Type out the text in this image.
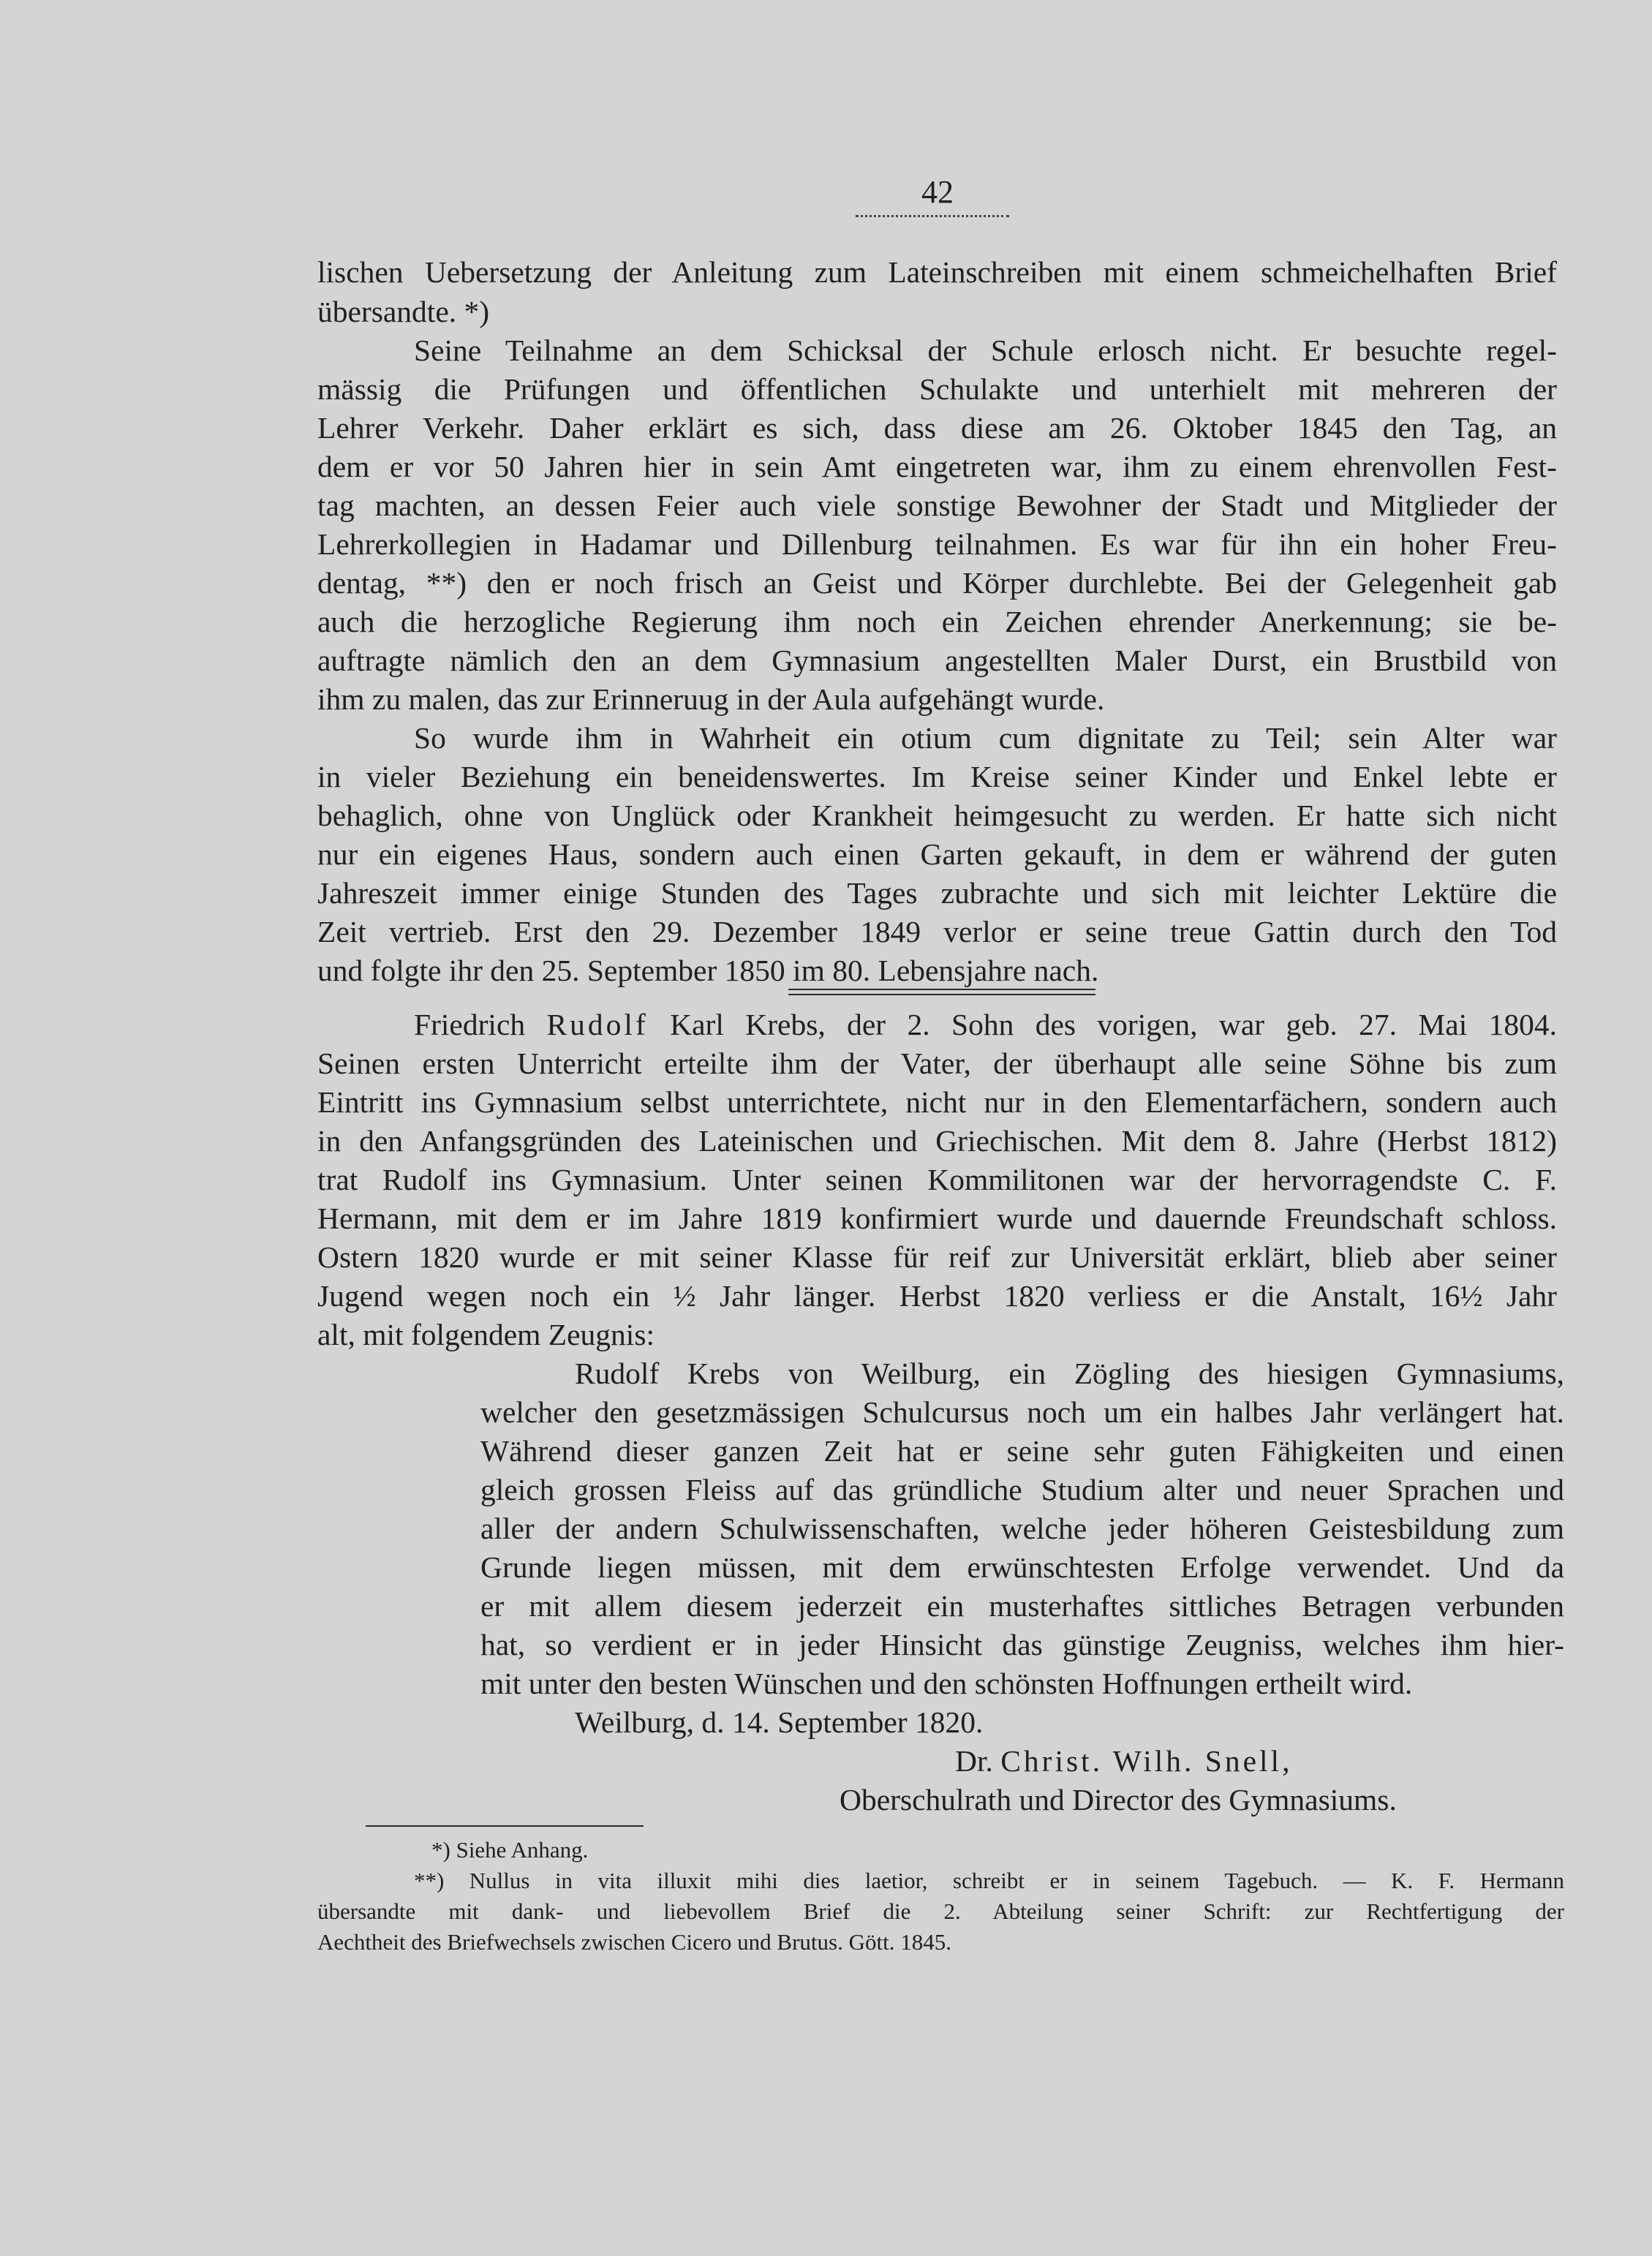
42
lischen Uebersetzung der Anleitung zum Lateinschreiben mit einem schmeichelhaften Brief
übersandte. *)
Seine Teilnahme an dem Schicksal der Schule erlosch nicht. Er besuchte regel-
mässig die Prüfungen und öffentlichen Schulakte und unterhielt mit mehreren der
Lehrer Verkehr. Daher erklärt es sich, dass diese am 26. Oktober 1845 den Tag, an
dem er vor 50 Jahren hier in sein Amt eingetreten war, ihm zu einem ehrenvollen Fest-
tag machten, an dessen Feier auch viele sonstige Bewohner der Stadt und Mitglieder der
Lehrerkollegien in Hadamar und Dillenburg teilnahmen. Es war für ihn ein hoher Freu-
dentag, **) den er noch frisch an Geist und Körper durchlebte. Bei der Gelegenheit gab
auch die herzogliche Regierung ihm noch ein Zeichen ehrender Anerkennung; sie be-
auftragte nämlich den an dem Gymnasium angestellten Maler Durst, ein Brustbild von
ihm zu malen, das zur Erinneruug in der Aula aufgehängt wurde.
So wurde ihm in Wahrheit ein otium cum dignitate zu Teil; sein Alter war
in vieler Beziehung ein beneidenswertes. Im Kreise seiner Kinder und Enkel lebte er
behaglich, ohne von Unglück oder Krankheit heimgesucht zu werden. Er hatte sich nicht
nur ein eigenes Haus, sondern auch einen Garten gekauft, in dem er während der guten
Jahreszeit immer einige Stunden des Tages zubrachte und sich mit leichter Lektüre die
Zeit vertrieb. Erst den 29. Dezember 1849 verlor er seine treue Gattin durch den Tod
und folgte ihr den 25. September 1850 im 80. Lebensjahre nach.
Friedrich Rudolf Karl Krebs, der 2. Sohn des vorigen, war geb. 27. Mai 1804.
Seinen ersten Unterricht erteilte ihm der Vater, der überhaupt alle seine Söhne bis zum
Eintritt ins Gymnasium selbst unterrichtete, nicht nur in den Elementarfächern, sondern auch
in den Anfangsgründen des Lateinischen und Griechischen. Mit dem 8. Jahre (Herbst 1812)
trat Rudolf ins Gymnasium. Unter seinen Kommilitonen war der hervorragendste C. F.
Hermann, mit dem er im Jahre 1819 konfirmiert wurde und dauernde Freundschaft schloss.
Ostern 1820 wurde er mit seiner Klasse für reif zur Universität erklärt, blieb aber seiner
Jugend wegen noch ein ½ Jahr länger. Herbst 1820 verliess er die Anstalt, 16½ Jahr
alt, mit folgendem Zeugnis:
Rudolf Krebs von Weilburg, ein Zögling des hiesigen Gymnasiums,
welcher den gesetzmässigen Schulcursus noch um ein halbes Jahr verlängert hat.
Während dieser ganzen Zeit hat er seine sehr guten Fähigkeiten und einen
gleich grossen Fleiss auf das gründliche Studium alter und neuer Sprachen und
aller der andern Schulwissenschaften, welche jeder höheren Geistesbildung zum
Grunde liegen müssen, mit dem erwünschtesten Erfolge verwendet. Und da
er mit allem diesem jederzeit ein musterhaftes sittliches Betragen verbunden
hat, so verdient er in jeder Hinsicht das günstige Zeugniss, welches ihm hier-
mit unter den besten Wünschen und den schönsten Hoffnungen ertheilt wird.
Weilburg, d. 14. September 1820.
Dr. Christ. Wilh. Snell,
Oberschulrath und Director des Gymnasiums.
*) Siehe Anhang.
**) Nullus in vita illuxit mihi dies laetior, schreibt er in seinem Tagebuch. — K. F. Hermann
übersandte mit dank- und liebevollem Brief die 2. Abteilung seiner Schrift: zur Rechtfertigung der
Aechtheit des Briefwechsels zwischen Cicero und Brutus. Gött. 1845.
